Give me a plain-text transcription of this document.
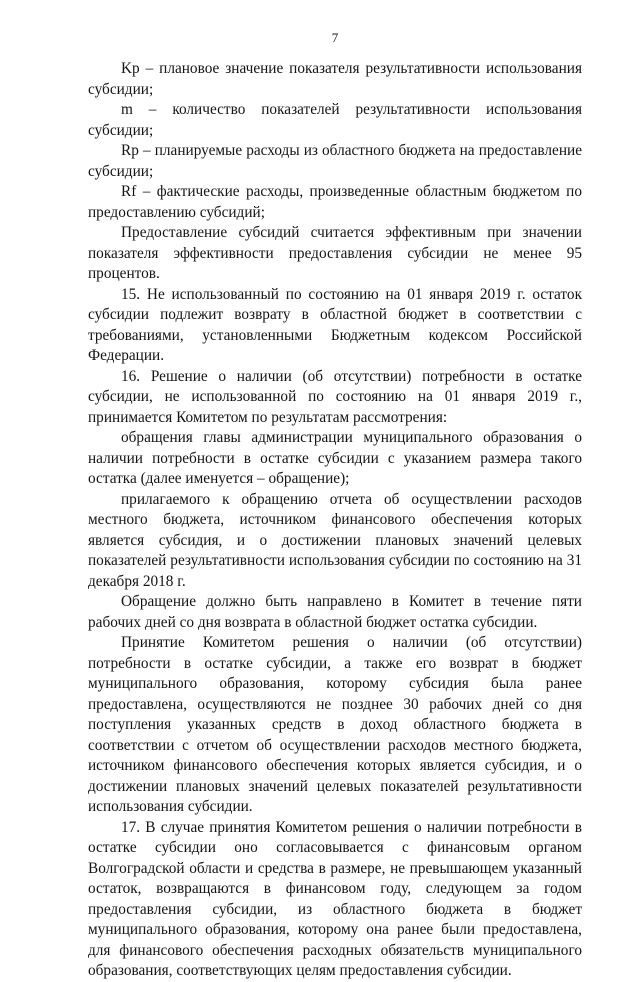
7

Kp – плановое значение показателя результативности использования субсидии;

m – количество показателей результативности использования субсидии;

Rp – планируемые расходы из областного бюджета на предоставление субсидии;

Rf – фактические расходы, произведенные областным бюджетом по предоставлению субсидий;

Предоставление субсидий считается эффективным при значении показателя эффективности предоставления субсидии не менее 95 процентов.

15. Не использованный по состоянию на 01 января 2019 г. остаток субсидии подлежит возврату в областной бюджет в соответствии с требованиями, установленными Бюджетным кодексом Российской Федерации.

16. Решение о наличии (об отсутствии) потребности в остатке субсидии, не использованной по состоянию на 01 января 2019 г., принимается Комитетом по результатам рассмотрения:

обращения главы администрации муниципального образования о наличии потребности в остатке субсидии с указанием размера такого остатка (далее именуется – обращение);

прилагаемого к обращению отчета об осуществлении расходов местного бюджета, источником финансового обеспечения которых является субсидия, и о достижении плановых значений целевых показателей результативности использования субсидии по состоянию на 31 декабря 2018 г.

Обращение должно быть направлено в Комитет в течение пяти рабочих дней со дня возврата в областной бюджет остатка субсидии.

Принятие Комитетом решения о наличии (об отсутствии) потребности в остатке субсидии, а также его возврат в бюджет муниципального образования, которому субсидия была ранее предоставлена, осуществляются не позднее 30 рабочих дней со дня поступления указанных средств в доход областного бюджета в соответствии с отчетом об осуществлении расходов местного бюджета, источником финансового обеспечения которых является субсидия, и о достижении плановых значений целевых показателей результативности использования субсидии.

17. В случае принятия Комитетом решения о наличии потребности в остатке субсидии оно согласовывается с финансовым органом Волгоградской области и средства в размере, не превышающем указанный остаток, возвращаются в финансовом году, следующем за годом предоставления субсидии, из областного бюджета в бюджет муниципального образования, которому она ранее были предоставлена, для финансового обеспечения расходных обязательств муниципального образования, соответствующих целям предоставления субсидии.
